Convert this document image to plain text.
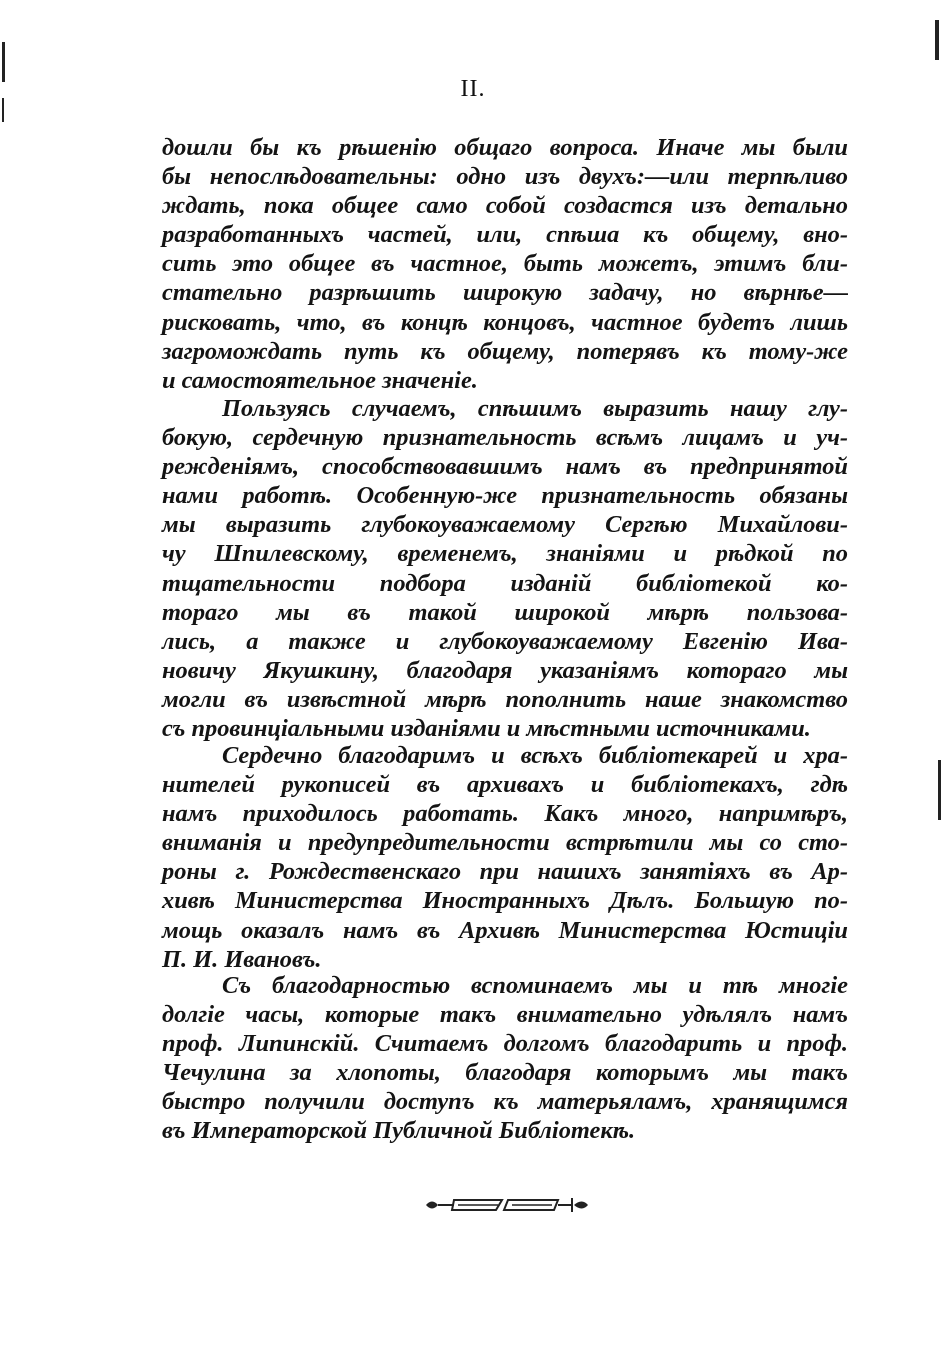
II.
дошли бы къ рѣшенію общаго вопроса. Иначе мы были
бы непослѣдовательны: одно изъ двухъ:—или терпѣливо
ждать, пока общее само собой создастся изъ детально
разработанныхъ частей, или, спѣша къ общему, вно-
сить это общее въ частное, быть можетъ, этимъ бли-
стательно разрѣшить широкую задачу, но вѣрнѣе—
рисковать, что, въ концѣ концовъ, частное будетъ лишь
загромождать путь къ общему, потерявъ къ тому-же
и самостоятельное значеніе.
Пользуясь случаемъ, спѣшимъ выразить нашу глу-
бокую, сердечную признательность всѣмъ лицамъ и уч-
режденіямъ, способствовавшимъ намъ въ предпринятой
нами работѣ. Особенную-же признательность обязаны
мы выразить глубокоуважаемому Сергѣю Михайлови-
чу Шпилевскому, временемъ, знаніями и рѣдкой по
тщательности подбора изданій библіотекой ко-
тораго мы въ такой широкой мѣрѣ пользова-
лись, а также и глубокоуважаемому Евгенію Ива-
новичу Якушкину, благодаря указаніямъ котораго мы
могли въ извѣстной мѣрѣ пополнить наше знакомство
съ провинціальными изданіями и мѣстными источниками.
Сердечно благодаримъ и всѣхъ библіотекарей и хра-
нителей рукописей въ архивахъ и библіотекахъ, гдѣ
намъ приходилось работать. Какъ много, напримѣръ,
вниманія и предупредительности встрѣтили мы со сто-
роны г. Рождественскаго при нашихъ занятіяхъ въ Ар-
хивѣ Министерства Иностранныхъ Дѣлъ. Большую по-
мощь оказалъ намъ въ Архивѣ Министерства Юстиціи
П. И. Ивановъ.
Съ благодарностью вспоминаемъ мы и тѣ многіе
долгіе часы, которые такъ внимательно удѣлялъ намъ
проф. Липинскій. Считаемъ долгомъ благодарить и проф.
Чечулина за хлопоты, благодаря которымъ мы такъ
быстро получили доступъ къ матерьяламъ, хранящимся
въ Императорской Публичной Библіотекѣ.
